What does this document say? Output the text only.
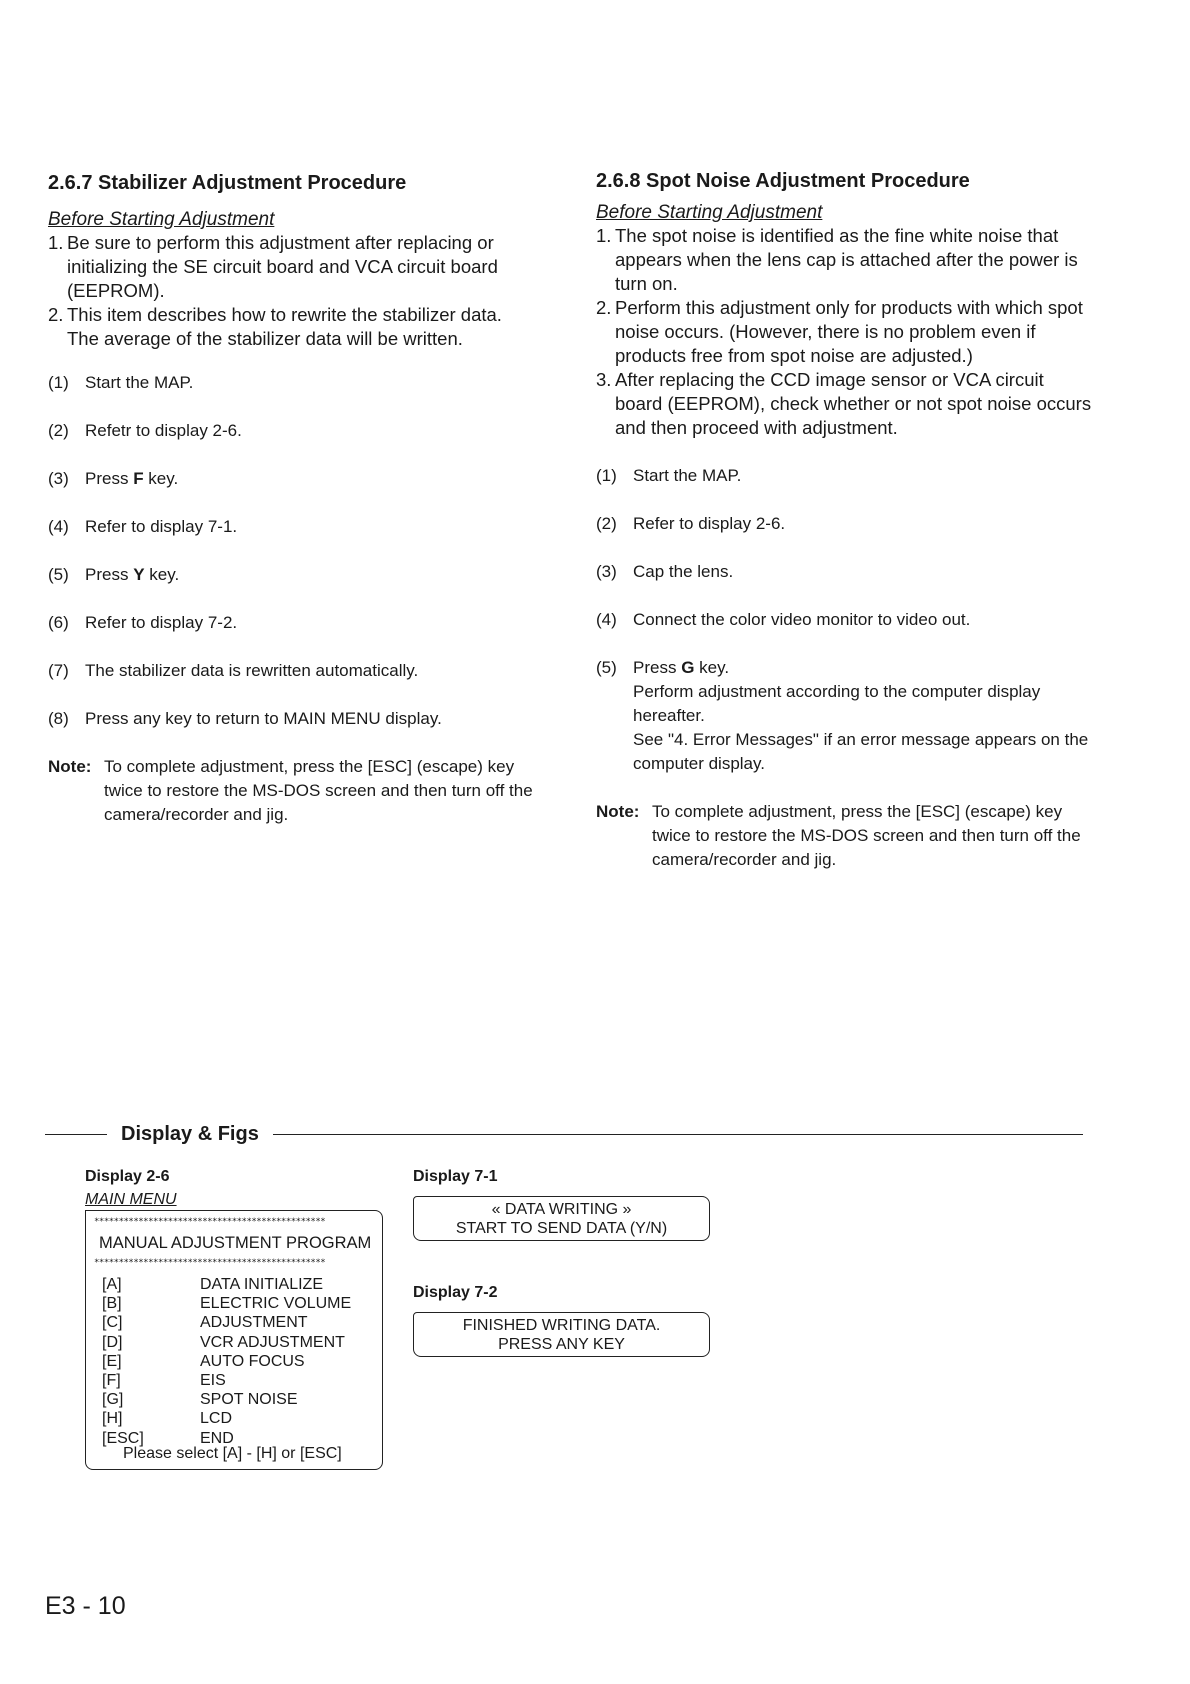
2.6.7 Stabilizer Adjustment Procedure
Before Starting Adjustment
1. Be sure to perform this adjustment after replacing or initializing the SE circuit board and VCA circuit board (EEPROM).
2. This item describes how to rewrite the stabilizer data. The average of the stabilizer data will be written.
(1) Start the MAP.
(2) Refetr to display 2-6.
(3) Press F key.
(4) Refer to display 7-1.
(5) Press Y key.
(6) Refer to display 7-2.
(7) The stabilizer data is rewritten automatically.
(8) Press any key to return to MAIN MENU display.
Note: To complete adjustment, press the [ESC] (escape) key twice to restore the MS-DOS screen and then turn off the camera/recorder and jig.
2.6.8 Spot Noise Adjustment Procedure
Before Starting Adjustment
1. The spot noise is identified as the fine white noise that appears when the lens cap is attached after the power is turn on.
2. Perform this adjustment only for products with which spot noise occurs. (However, there is no problem even if products free from spot noise are adjusted.)
3. After replacing the CCD image sensor or VCA circuit board (EEPROM), check whether or not spot noise occurs and then proceed with adjustment.
(1) Start the MAP.
(2) Refer to display 2-6.
(3) Cap the lens.
(4) Connect the color video monitor to video out.
(5) Press G key.
Perform adjustment according to the computer display hereafter.
See "4. Error Messages" if an error message appears on the computer display.
Note: To complete adjustment, press the [ESC] (escape) key twice to restore the MS-DOS screen and then turn off the camera/recorder and jig.
Display & Figs
Display 2-6
MAIN MENU
***********************************************
MANUAL ADJUSTMENT PROGRAM
***********************************************
[A]	DATA INITIALIZE
[B]	ELECTRIC VOLUME
[C]	ADJUSTMENT
[D]	VCR ADJUSTMENT
[E]	AUTO FOCUS
[F]	EIS
[G]	SPOT NOISE
[H]	LCD
[ESC]	END
Please select [A] - [H] or [ESC]
Display 7-1
« DATA WRITING »
START TO SEND DATA (Y/N)
Display 7-2
FINISHED WRITING DATA.
PRESS ANY KEY
E3 - 10
